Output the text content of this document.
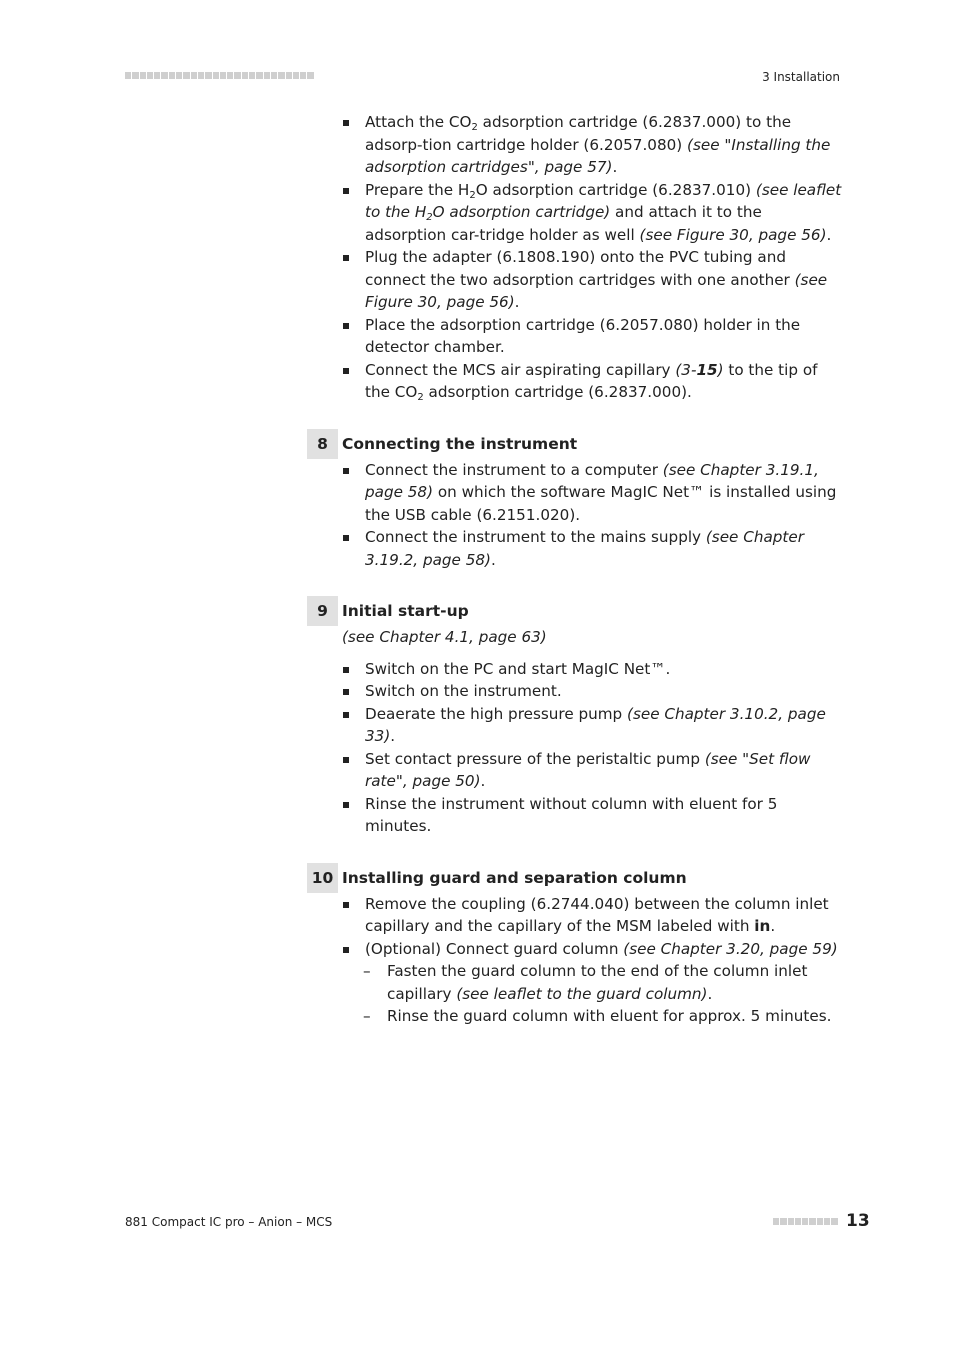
3 Installation
Attach the $CO_2$ adsorption cartridge (6.2837.000) to the adsorp-tion cartridge holder (6.2057.080) (see "Installing the adsorption cartridges", page 57).
Prepare the $H_2O$ adsorption cartridge (6.2837.010) (see leaflet to the $H_2O$ adsorption cartridge) and attach it to the adsorption car-tridge holder as well (see Figure 30, page 56).
Plug the adapter (6.1808.190) onto the PVC tubing and connect the two adsorption cartridges with one another (see Figure 30, page 56).
Place the adsorption cartridge (6.2057.080) holder in the detector chamber.
Connect the MCS air aspirating capillary (3-15) to the tip of the $CO_2$ adsorption cartridge (6.2837.000).
8 Connecting the instrument
Connect the instrument to a computer (see Chapter 3.19.1, page 58) on which the software MagIC Net™ is installed using the USB cable (6.2151.020).
Connect the instrument to the mains supply (see Chapter 3.19.2, page 58).
9 Initial start-up
(see Chapter 4.1, page 63)
Switch on the PC and start MagIC Net™.
Switch on the instrument.
Deaerate the high pressure pump (see Chapter 3.10.2, page 33).
Set contact pressure of the peristaltic pump (see "Set flow rate", page 50).
Rinse the instrument without column with eluent for 5 minutes.
10 Installing guard and separation column
Remove the coupling (6.2744.040) between the column inlet capillary and the capillary of the MSM labeled with in.
(Optional) Connect guard column (see Chapter 3.20, page 59)
– Fasten the guard column to the end of the column inlet capillary (see leaflet to the guard column).
– Rinse the guard column with eluent for approx. 5 minutes.
881 Compact IC pro – Anion – MCS	13
